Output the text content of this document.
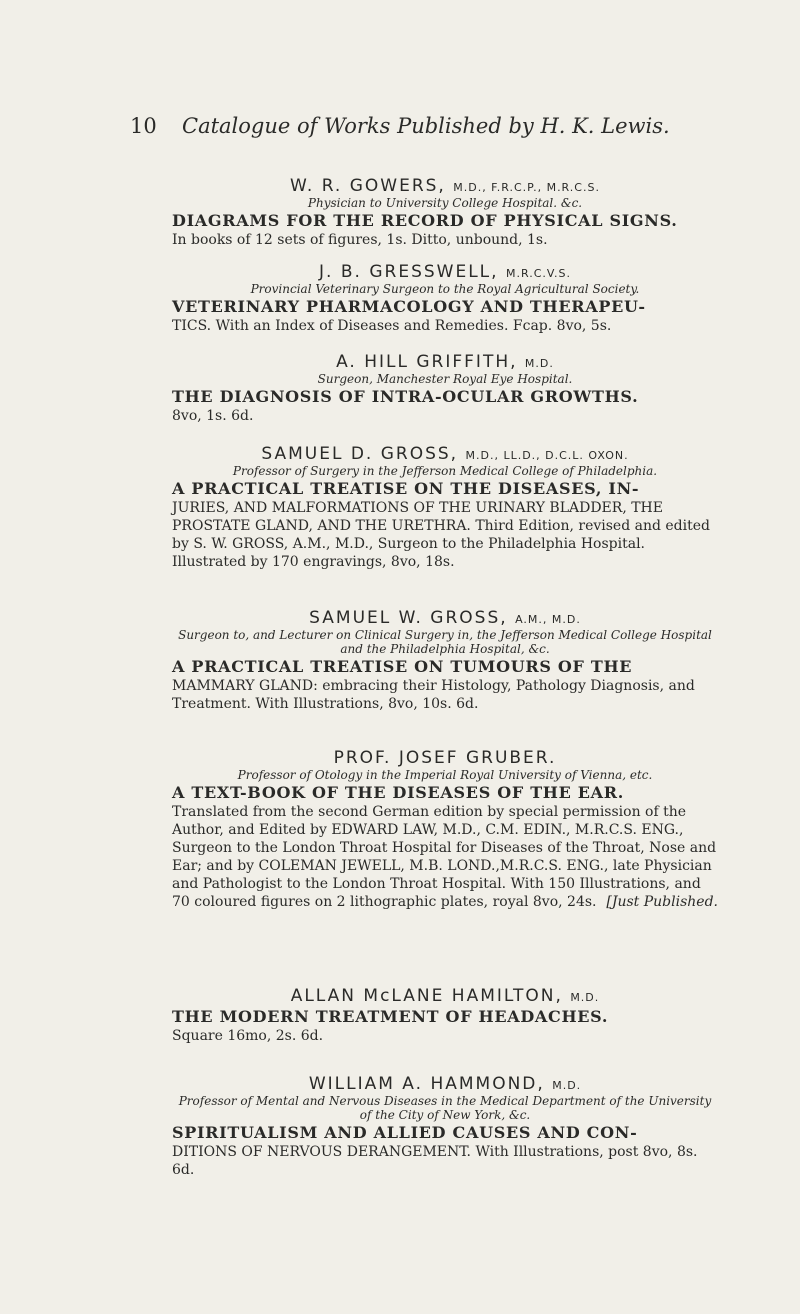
10 Catalogue of Works Published by H. K. Lewis.
W. R. GOWERS, M.D., F.R.C.P., M.R.C.S.
Physician to University College Hospital. &c.
DIAGRAMS FOR THE RECORD OF PHYSICAL SIGNS.
In books of 12 sets of figures, 1s. Ditto, unbound, 1s.
J. B. GRESSWELL, M.R.C.V.S.
Provincial Veterinary Surgeon to the Royal Agricultural Society.
VETERINARY PHARMACOLOGY AND THERAPEU-
TICS. With an Index of Diseases and Remedies. Fcap. 8vo, 5s.
A. HILL GRIFFITH, M.D.
Surgeon, Manchester Royal Eye Hospital.
THE DIAGNOSIS OF INTRA-OCULAR GROWTHS.
8vo, 1s. 6d.
SAMUEL D. GROSS, M.D., LL.D., D.C.L. OXON.
Professor of Surgery in the Jefferson Medical College of Philadelphia.
A PRACTICAL TREATISE ON THE DISEASES, IN-
JURIES, AND MALFORMATIONS OF THE URINARY BLADDER, THE PROSTATE GLAND, AND THE URETHRA. Third Edition, revised and edited by S. W. GROSS, A.M., M.D., Surgeon to the Philadelphia Hospital. Illustrated by 170 engravings, 8vo, 18s.
SAMUEL W. GROSS, A.M., M.D.
Surgeon to, and Lecturer on Clinical Surgery in, the Jefferson Medical College Hospital and the Philadelphia Hospital, &c.
A PRACTICAL TREATISE ON TUMOURS OF THE
MAMMARY GLAND: embracing their Histology, Pathology Diagnosis, and Treatment. With Illustrations, 8vo, 10s. 6d.
PROF. JOSEF GRUBER.
Professor of Otology in the Imperial Royal University of Vienna, etc.
A TEXT-BOOK OF THE DISEASES OF THE EAR.
Translated from the second German edition by special permission of the Author, and Edited by EDWARD LAW, M.D., C.M. EDIN., M.R.C.S. ENG., Surgeon to the London Throat Hospital for Diseases of the Throat, Nose and Ear; and by COLEMAN JEWELL, M.B. LOND.,M.R.C.S. ENG., late Physician and Pathologist to the London Throat Hospital. With 150 Illustrations, and 70 coloured figures on 2 lithographic plates, royal 8vo, 24s. [Just Published.
ALLAN McLANE HAMILTON, M.D.
THE MODERN TREATMENT OF HEADACHES.
Square 16mo, 2s. 6d.
WILLIAM A. HAMMOND, M.D.
Professor of Mental and Nervous Diseases in the Medical Department of the University of the City of New York, &c.
SPIRITUALISM AND ALLIED CAUSES AND CON-
DITIONS OF NERVOUS DERANGEMENT. With Illustrations, post 8vo, 8s. 6d.
